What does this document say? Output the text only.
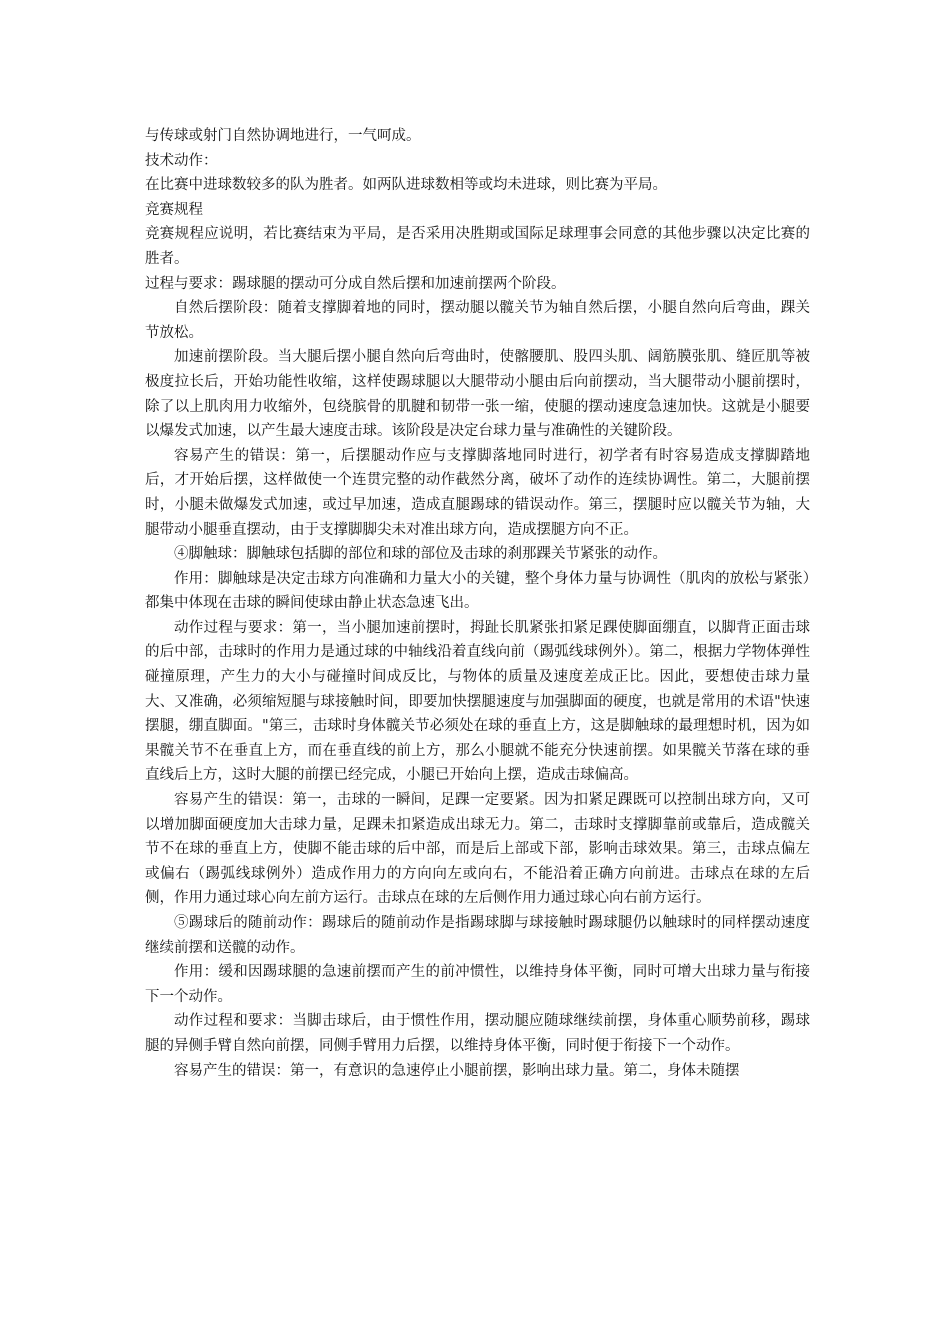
与传球或射门自然协调地进行，一气呵成。

技术动作：

在比赛中进球数较多的队为胜者。如两队进球数相等或均未进球，则比赛为平局。

竞赛规程

竞赛规程应说明，若比赛结束为平局，是否采用决胜期或国际足球理事会同意的其他步骤以决定比赛的胜者。

过程与要求：踢球腿的摆动可分成自然后摆和加速前摆两个阶段。

自然后摆阶段：随着支撑脚着地的同时，摆动腿以髋关节为轴自然后摆，小腿自然向后弯曲，踝关节放松。

加速前摆阶段。当大腿后摆小腿自然向后弯曲时，使髂腰肌、股四头肌、阔筋膜张肌、缝匠肌等被极度拉长后，开始功能性收缩，这样使踢球腿以大腿带动小腿由后向前摆动，当大腿带动小腿前摆时，除了以上肌肉用力收缩外，包绕膑骨的肌腱和韧带一张一缩，使腿的摆动速度急速加快。这就是小腿要以爆发式加速，以产生最大速度击球。该阶段是决定台球力量与准确性的关键阶段。

容易产生的错误：第一，后摆腿动作应与支撑脚落地同时进行，初学者有时容易造成支撑脚踏地后，才开始后摆，这样做使一个连贯完整的动作截然分离，破坏了动作的连续协调性。第二，大腿前摆时，小腿未做爆发式加速，或过早加速，造成直腿踢球的错误动作。第三，摆腿时应以髋关节为轴，大腿带动小腿垂直摆动，由于支撑脚脚尖未对准出球方向，造成摆腿方向不正。

④脚触球：脚触球包括脚的部位和球的部位及击球的刹那踝关节紧张的动作。

作用：脚触球是决定击球方向准确和力量大小的关键，整个身体力量与协调性（肌肉的放松与紧张）都集中体现在击球的瞬间使球由静止状态急速飞出。

动作过程与要求：第一，当小腿加速前摆时，拇趾长肌紧张扣紧足踝使脚面绷直，以脚背正面击球的后中部，击球时的作用力是通过球的中轴线沿着直线向前（踢弧线球例外）。第二，根据力学物体弹性碰撞原理，产生力的大小与碰撞时间成反比，与物体的质量及速度差成正比。因此，要想使击球力量大、又准确，必须缩短腿与球接触时间，即要加快摆腿速度与加强脚面的硬度，也就是常用的术语"快速摆腿，绷直脚面。"第三，击球时身体髋关节必须处在球的垂直上方，这是脚触球的最理想时机，因为如果髋关节不在垂直上方，而在垂直线的前上方，那么小腿就不能充分快速前摆。如果髋关节落在球的垂直线后上方，这时大腿的前摆已经完成，小腿已开始向上摆，造成击球偏高。

容易产生的错误：第一，击球的一瞬间，足踝一定要紧。因为扣紧足踝既可以控制出球方向，又可以增加脚面硬度加大击球力量，足踝未扣紧造成出球无力。第二，击球时支撑脚靠前或靠后，造成髋关节不在球的垂直上方，使脚不能击球的后中部，而是后上部或下部，影响击球效果。第三，击球点偏左或偏右（踢弧线球例外）造成作用力的方向向左或向右，不能沿着正确方向前进。击球点在球的左后侧，作用力通过球心向左前方运行。击球点在球的左后侧作用力通过球心向右前方运行。

⑤踢球后的随前动作：踢球后的随前动作是指踢球脚与球接触时踢球腿仍以触球时的同样摆动速度继续前摆和送髋的动作。

作用：缓和因踢球腿的急速前摆而产生的前冲惯性，以维持身体平衡，同时可增大出球力量与衔接下一个动作。

动作过程和要求：当脚击球后，由于惯性作用，摆动腿应随球继续前摆，身体重心顺势前移，踢球腿的异侧手臂自然向前摆，同侧手臂用力后摆，以维持身体平衡，同时便于衔接下一个动作。

容易产生的错误：第一，有意识的急速停止小腿前摆，影响出球力量。第二，身体未随摆
